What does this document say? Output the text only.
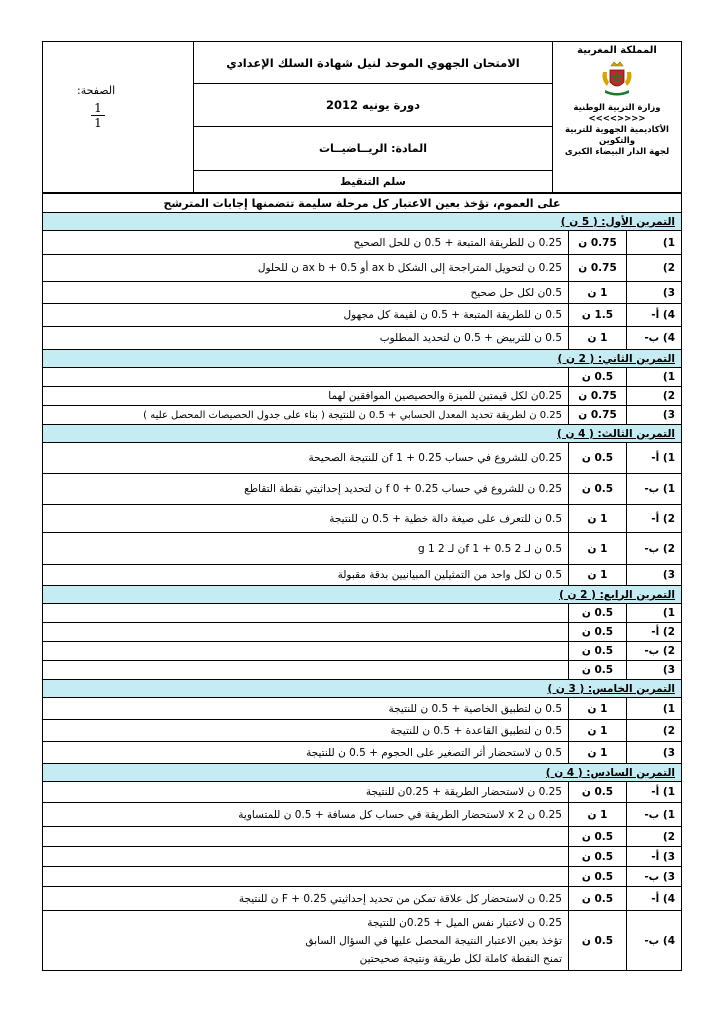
المملكة المغربية
وزارة التربية الوطنية
<<<<>>>>
الأكاديمية الجهوية للتربية والتكوين
لجهة الدار البيضاء الكبرى

الامتحان الجهوي الموحد لنيل شهادة السلك الإعدادي
دورة يونيه 2012
المادة: الريــاضيــات
سلم التنقيط

الصفحة:
$\frac{1}{1}$
على العموم، تؤخذ بعين الاعتبار كل مرحلة سليمة تتضمنها إجابات المترشح		
التمرين الأول: ( 5 ن )		
1)	0.75 ن	0.25 ن للطريقة المتبعة + 0.5 ن للحل الصحيح
2)	0.75 ن	0.25 ن لتحويل المتراجحة إلى الشكل ax b أو ax b + 0.5 ن للحلول
3)	1 ن	0.5ن لكل حل صحيح
4) أ-	1.5 ن	0.5 ن للطريقة المتبعة + 0.5 ن لقيمة كل مجهول
4) ب-	1 ن	0.5 ن للتربيض + 0.5 ن لتحديد المطلوب
التمرين الثاني: ( 2 ن )		
1)	0.5 ن	
2)	0.75 ن	0.25ن لكل قيمتين للميزة والحصيصين الموافقين لهما
3)	0.75 ن	0.25 ن لطريقة تحديد المعدل الحسابي + 0.5 ن للنتيجة ( بناء على جدول الحصيصات المحصل عليه )
التمرين الثالث: ( 4 ن )		
1) أ-	0.5 ن	0.25ن للشروع في حساب f 1 + 0.25ن للنتيجة الصحيحة
1) ب-	0.5 ن	0.25 ن للشروع في حساب f 0 + 0.25 ن لتحديد إحداثيتي نقطة التقاطع
2) أ-	1 ن	0.5 ن للتعرف على صيغة دالة خطية + 0.5 ن للنتيجة
2) ب-	1 ن	0.5 ن لـ 2 f 1 + 0.5ن لـ 2 g 1
3)	1 ن	0.5 ن لكل واحد من التمثيلين المبيانيين بدقة مقبولة
التمرين الرابع: ( 2 ن )		
1)	0.5 ن	
2) أ-	0.5 ن	
2) ب-	0.5 ن	
3)	0.5 ن	
التمرين الخامس: ( 3 ن )		
1)	1 ن	0.5 ن لتطبيق الخاصية + 0.5 ن للنتيجة
2)	1 ن	0.5 ن لتطبيق القاعدة + 0.5 ن للنتيجة
3)	1 ن	0.5 ن لاستحضار أثر التصغير على الحجوم + 0.5 ن للنتيجة
التمرين السادس: ( 4 ن )		
1) أ-	0.5 ن	0.25 ن لاستحضار الطريقة + 0.25ن للنتيجة
1) ب-	1 ن	0.25 ن x 2 لاستحضار الطريقة في حساب كل مسافة + 0.5 ن للمتساوية
2)	0.5 ن	
3) أ-	0.5 ن	
3) ب-	0.5 ن	
4) أ-	0.5 ن	0.25 ن لاستحضار كل علاقة تمكن من تحديد إحداثيتي F + 0.25 ن للنتيجة
4) ب-	0.5 ن	0.25 ن لاعتبار نفس الميل + 0.25ن للنتيجة
تؤخذ بعين الاعتبار النتيجة المحصل عليها في السؤال السابق
تمنح النقطة كاملة لكل طريقة ونتيجة صحيحتين
